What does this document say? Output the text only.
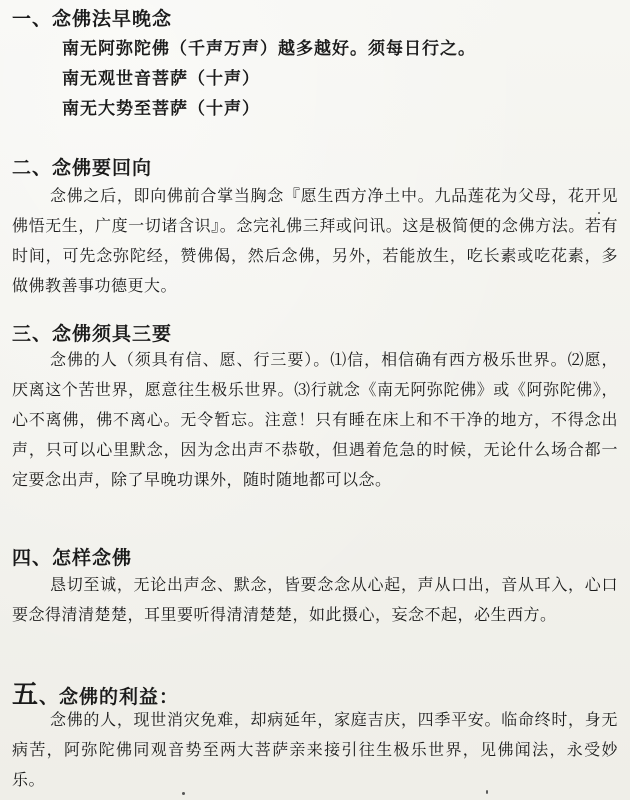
一、念佛法早晚念
南无阿弥陀佛（千声万声）越多越好。须每日行之。
南无观世音菩萨（十声）
南无大势至菩萨（十声）
二、念佛要回向
念佛之后，即向佛前合掌当胸念『愿生西方净土中。九品莲花为父母，花开见佛悟无生，广度一切诸含识』。念完礼佛三拜或问讯。这是极简便的念佛方法。若有时间，可先念弥陀经，赞佛偈，然后念佛，另外，若能放生，吃长素或吃花素，多做佛教善事功德更大。
三、念佛须具三要
念佛的人（须具有信、愿、行三要）。⑴信，相信确有西方极乐世界。⑵愿，厌离这个苦世界，愿意往生极乐世界。⑶行就念《南无阿弥陀佛》或《阿弥陀佛》，心不离佛，佛不离心。无令暂忘。注意！只有睡在床上和不干净的地方，不得念出声，只可以心里默念，因为念出声不恭敬，但遇着危急的时候，无论什么场合都一定要念出声，除了早晚功课外，随时随地都可以念。
四、怎样念佛
恳切至诚，无论出声念、默念，皆要念念从心起，声从口出，音从耳入，心口要念得清清楚楚，耳里要听得清清楚楚，如此摄心，妄念不起，必生西方。
五、念佛的利益：
念佛的人，现世消灾免难，却病延年，家庭吉庆，四季平安。临命终时，身无病苦，阿弥陀佛同观音势至两大菩萨亲来接引往生极乐世界，见佛闻法，永受妙乐。
